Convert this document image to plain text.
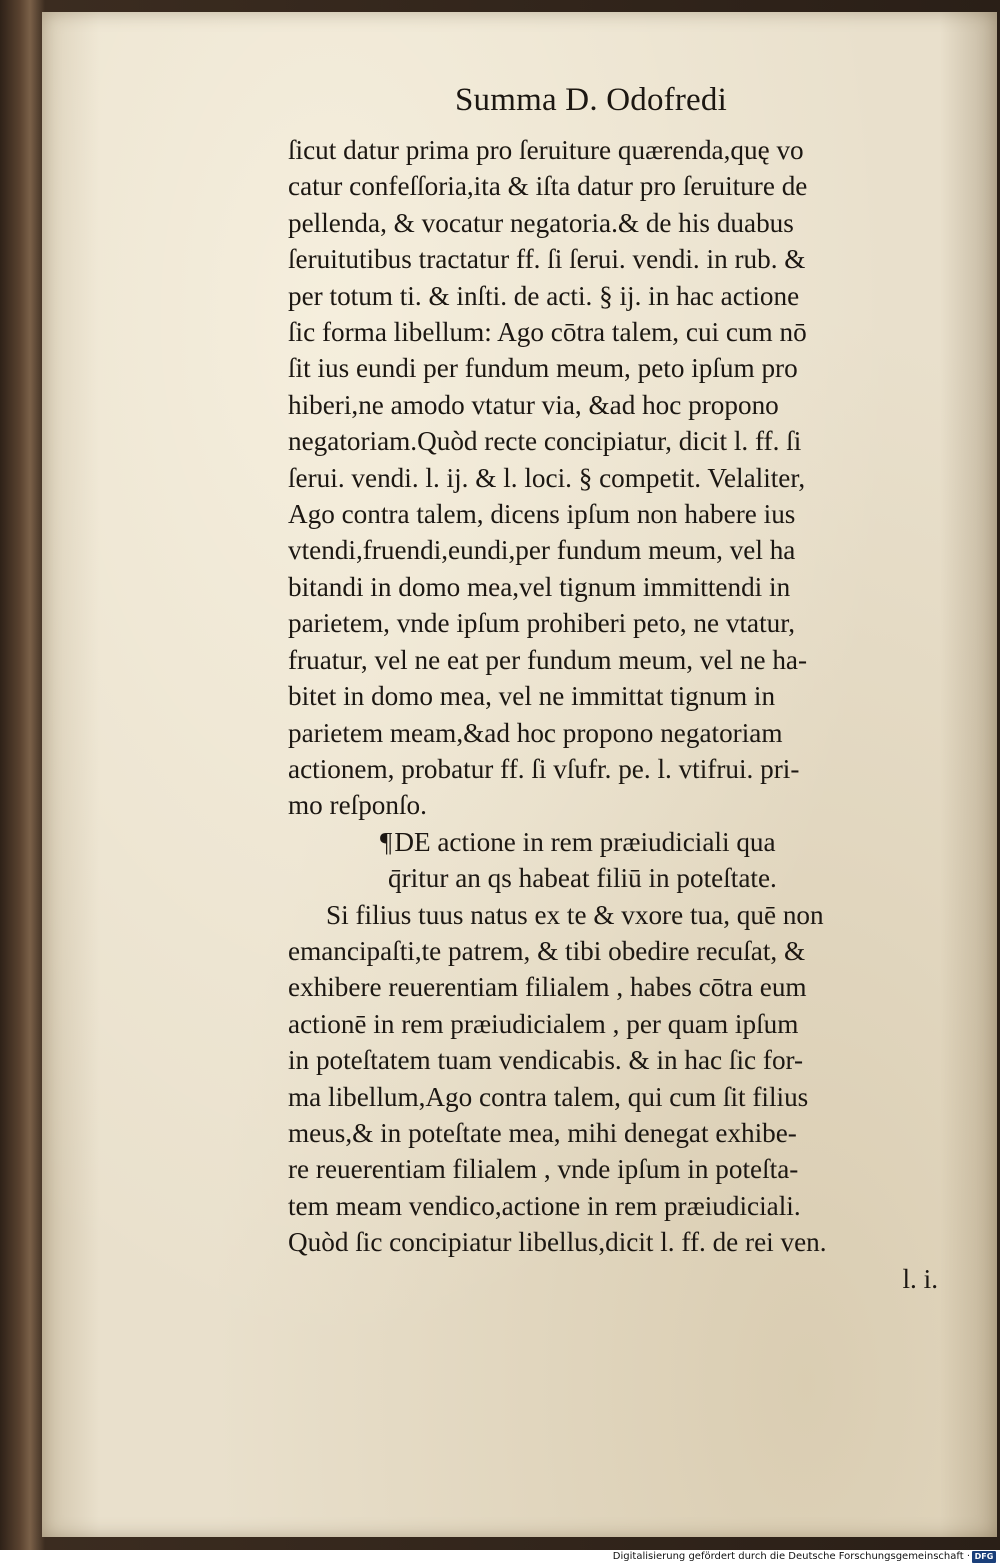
Summa D. Odofredi
ſicut datur prima pro ſeruiture quærenda,quę vo
catur confeſſoria,ita & iſta datur pro ſeruiture de
pellenda, & vocatur negatoria.& de his duabus
ſeruitutibus tractatur ff. ſi ſerui. vendi. in rub. &
per totum ti. & inſti. de acti. § ij. in hac actione
ſic forma libellum: Ago cōtra talem, cui cum nō
ſit ius eundi per fundum meum, peto ipſum pro
hiberi,ne amodo vtatur via, &ad hoc propono
negatoriam.Quòd recte concipiatur, dicit l. ff. ſi
ſerui. vendi. l. ij. & l. loci. § competit. Velaliter,
Ago contra talem, dicens ipſum non habere ius
vtendi,fruendi,eundi,per fundum meum, vel ha
bitandi in domo mea,vel tignum immittendi in
parietem, vnde ipſum prohiberi peto, ne vtatur,
fruatur, vel ne eat per fundum meum, vel ne ha-
bitet in domo mea, vel ne immittat tignum in
parietem meam,&ad hoc propono negatoriam
actionem, probatur ff. ſi vſufr. pe. l. vtifrui. pri-
mo reſponſo.
¶DE actione in rem præiudiciali qua
q̄ritur an qs habeat filiū in poteſtate.
Si filius tuus natus ex te & vxore tua, quē non
emancipaſti,te patrem, & tibi obedire recuſat, &
exhibere reuerentiam filialem , habes cōtra eum
actionē in rem præiudicialem , per quam ipſum
in poteſtatem tuam vendicabis. & in hac ſic for-
ma libellum,Ago contra talem, qui cum ſit filius
meus,& in poteſtate mea, mihi denegat exhibe-
re reuerentiam filialem , vnde ipſum in poteſta-
tem meam vendico,actione in rem præiudiciali.
Quòd ſic concipiatur libellus,dicit l. ff. de rei ven.
l. i.
Digitalisierung gefördert durch die Deutsche Forschungsgemeinschaft · DFG
